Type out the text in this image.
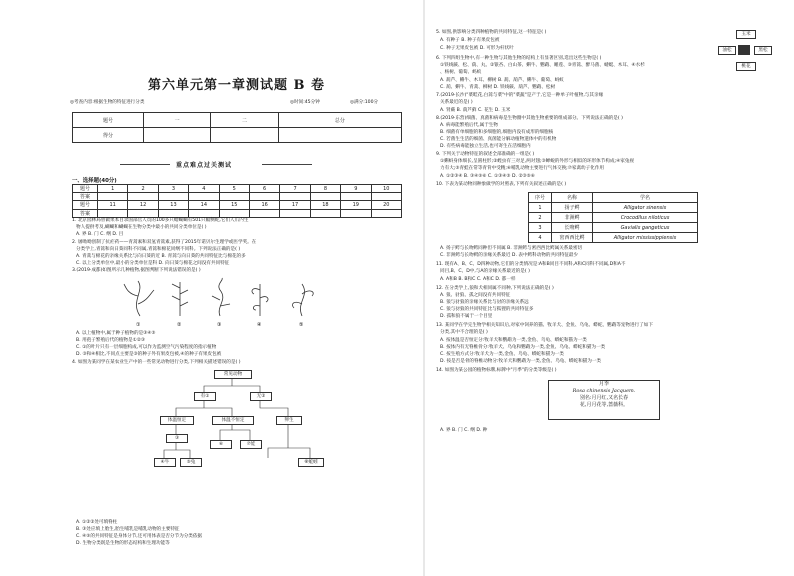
第六单元第一章测试题 B 卷
◎考查内容:根据生物的特征进行分类	◎时间:45分钟	◎满分:100分
题号	一	二	总分
得分			
重点难点过关测试
一、选择题(40分)
题号	1	2	3	4	5	6	7	8	9	10
答案										
题号	11	12	13	14	15	16	17	18	19	20
答案										
1. 北京园林局曾做果本目录国部官人员的100多只蜡蝴蝴有501只幅侧蛇,它们人爪内生
物人提供考及,蝴蝴和蝴蝴在生物分类中最小的共同分类单位是( )
A. 界 B. 门 C. 纲 D. 目
2. 屠呦呦创制了抗疟药——青蒿素和双氢青蒿素,获得了2015年诺贝尔生理学或医学奖。在
分类学上,青蒿和向日葵同科不同属,青蒿和棉花同纲不同科。下列说法正确的是( )
A. 青蒿与棉花的亲缘关系比与向日葵的近 B. 青蒿与向日葵的共同特征比与棉花的多
C. 以上分类单位中,最小的分类单位是科 D. 向日葵与棉花之间没有共同特征
3.(2019·成都)如图所示几种植物,据图判断下列说法错误的是( )
①	②	③	④	⑤
A. 以上植物中,属于种子植物的是③④⑤
B. 用孢子繁殖后代的植物是①②③
C. ①的叶片只有一层细胞构成,可以作为监测空气污染程度的指示植物
D. ③和④相比,不同点主要是③的种子外有果皮包被,④的种子有果皮包被
4. 如图为某同学在某农业生产中的一些常见动物进行分类,下列相关描述错误的是( )
常见动物
有①	无②
体温恒定	体温不恒定	卵生
③
④牛	⑤兔
⑥	⑦娃
⑧蚯蚓
A. ①②②处可填脊柱
B. ③处应填上胎生,胎生哺乳是哺乳动物的主要特征
C. ④⑤的共同特征是身体分节,还可用体表是否分节为分类依据
D. 生物分类既是生物的形态结构和生理功能等
5. 如图,供影响分类四种植物的共同特征,这一特征是( )
A. 有种子 B. 种子有果皮包被
C. 种子无果皮包被 D. 可形为杆状叶
玉米
油松	黑松
桃花
6. 下列四组生物中,有一种生物与其他生物的结构上有显著区别,选出这些生物是( )
①铁线蕨、松、葫、丸、②银杏、白山茶、蝌牛、鹦鹉、睡莲、③青蒿、醉马菌、蜻蜓、木耳、④水杉
、杨树、葡萄、蚂蚁
A. 葫芦、蝌牛、木耳、柳树 B. 葫、葫芦、蝌牛、葡萄、蚂蚁
C. 葫、蝌牛、青蒿、柳树 D. 铁线蕨、葫芦、鹦鹉、松树
7.(2019·长沙)"菜畦花,白蒿与菜"中的"菜蔬"是产于,它是一种单子叶植物,与其亲缘
关系最近的是( )
A. 肾蕨 B. 葫芦藓 C. 花生 D. 玉米
8.(2019·东营)细菌、真菌和病毒是生物圈中其他生物重要的组成部分。下列说法正确的是( )
A. 病毒能繁殖后代,属于生物
B. 细菌有单细胞的和多细胞的,细胞内没有成形的细胞核
C. 若菌生生活的细菌、真菌能分解动植物遗体中的有机物
D. 有些病毒能独立生活,也可寄生在活细胞内
9. 下列关于动物特征的叙述全部准确的一组是( )
①蝌蚪身体细长,呈圆柱形;②蝗虫有三对足,两对翅;③蝉蜕的外形与相似的环形体节构成;④家兔视
力有大;⑤青蛙在常等青背中受精;⑥哺乳动物主要进行气体交换;⑦家禽幼子化作用
A. ①②③④ B. ③④⑤⑥ C. ①③④⑤ D. ②③⑤⑥
10. 下表为某动物同种象做学的对照表,下列有关叙述正确的是( )
序号	名称	学名
1	扬子鳄	Alligator sinensis
2	非洲鳄	Crocodilus niloticus
3	长吻鳄	Gavialis gangeticus
4	密西西比鳄	Alligator mississippiensis
A. 扬子鳄与长吻鳄同种但不同属 B. 非洲鳄与密西西比鳄属关系最密切
C. 非洲鳄与长吻鳄的亲缘关系最近 D. 表中鳄科动物的共同特征最少
11. 现有A、B、C、D四种动物,它们的分类情况是:A和B同目不同科,A和C同科不同属,D和A不
同目,B、C、D中,与A的亲缘关系最近的是( )
A. A和B B. B和C C. A和C D. 都一样
12. 在分类学上,狼和犬相同属不同种,下列说法正确的是( )
A. 狼、豺狼、孤之间没有共同特征
B. 狼与豺狼的亲缘关系比与豺的亲缘关系远
C. 狼与豺狼的共同特征比与狐狸的共同特征多
D. 孤和狼不属于一个目里
13. 某同学在学完生物学相关知识后,对家中饲养的猫、牧羊犬、金鱼、乌龟、蟒蛇、鹦鹉等宠物进行了如下
分类,其中不合理的是( )
A. 按体温是否恒定分:牧羊犬和鹦鹉为一类,金鱼、乌龟、蟒蛇和猫为一类
B. 按体内有无脊椎骨分:牧羊犬、乌龟和鹦鹉为一类,金鱼、乌龟、蟒蛇和猫为一类
C. 按生殖方式分:牧羊犬为一类,金鱼、乌龟、蟒蛇和猫为一类
D. 按是否是骨的脊椎动物分:牧羊犬和鹦鹉为一类,金鱼、乌龟、蟒蛇和猫为一类
14. 如图为某公园的植物标牌,标牌中"月季"的分类等级是( )
月季
Rosa chinensis Jacquem.
别名:月月红,又名长春
花,月月花等,蔷薇科。
A. 界 B. 门 C. 纲 D. 种
